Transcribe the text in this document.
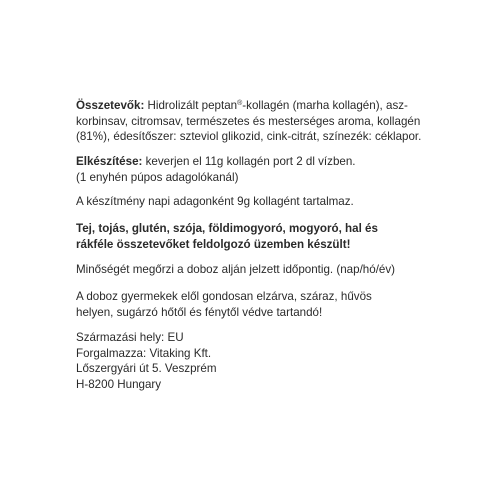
Összetevők: Hidrolizált peptan®-kollagén (marha kollagén), asz-
korbinsav, citromsav, természetes és mesterséges aroma, kollagén
(81%), édesítőszer: szteviol glikozid, cink-citrát, színezék: céklapor.
Elkészítése: keverjen el 11g kollagén port 2 dl vízben.
(1 enyhén púpos adagolókanál)
A készítmény napi adagonként 9g kollagént tartalmaz.
Tej, tojás, glutén, szója, földimogyoró, mogyoró, hal és
rákféle összetevőket feldolgozó üzemben készült!
Minőségét megőrzi a doboz alján jelzett időpontig. (nap/hó/év)
A doboz gyermekek elől gondosan elzárva, száraz, hűvös
helyen, sugárzó hőtől és fénytől védve tartandó!
Származási hely: EU
Forgalmazza: Vitaking Kft.
Lőszergyári út 5. Veszprém
H-8200 Hungary
